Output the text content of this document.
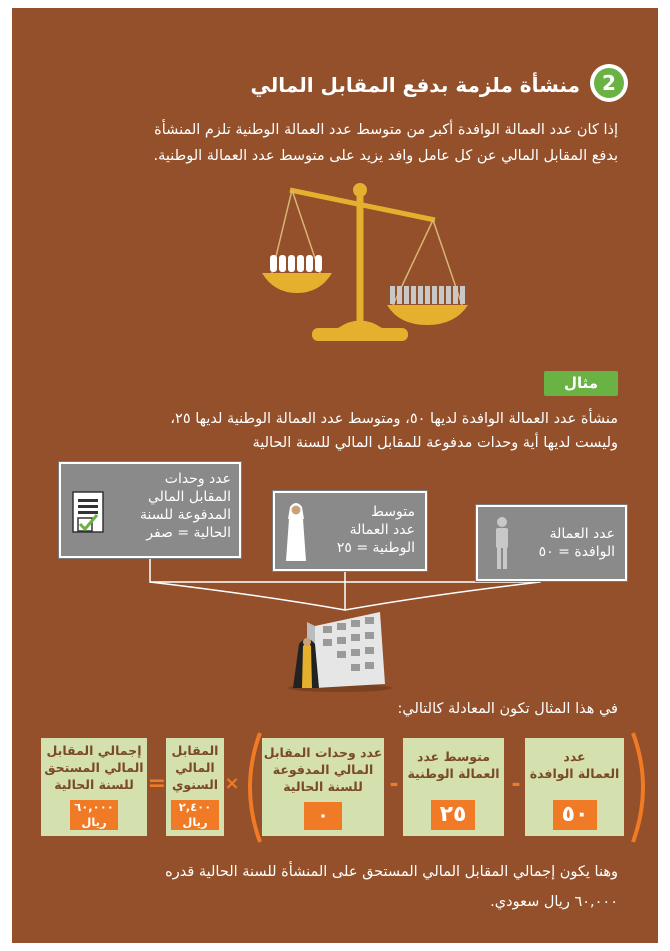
2
منشأة ملزمة بدفع المقابل المالي
إذا كان عدد العمالة الوافدة أكبر من متوسط عدد العمالة الوطنية تلزم المنشأة
بدفع المقابل المالي عن كل عامل وافد يزيد على متوسط عدد العمالة الوطنية.
مثال
منشأة عدد العمالة الوافدة لديها ٥٠، ومتوسط عدد العمالة الوطنية لديها ٢٥،
وليست لديها أية وحدات مدفوعة للمقابل المالي للسنة الحالية
عدد وحدات
المقابل المالي
المدفوعة للسنة
الحالية = صفر
متوسط
عدد العمالة
الوطنية = ٢٥
عدد العمالة
الوافدة = ٥٠
في هذا المثال تكون المعادلة كالتالي:
عدد
العمالة الوافدة
٥٠
-
متوسط عدد
العمالة الوطنية
٢٥
-
عدد وحدات المقابل
المالي المدفوعة
للسنة الحالية
٠
×
المقابل
المالي
السنوي
٢,٤٠٠
ريال
=
إجمالي المقابل
المالي المستحق
للسنة الحالية
٦٠,٠٠٠
ريال
وهنا يكون إجمالي المقابل المالي المستحق على المنشأة للسنة الحالية قدره
٦٠,٠٠٠ ريال سعودي.
